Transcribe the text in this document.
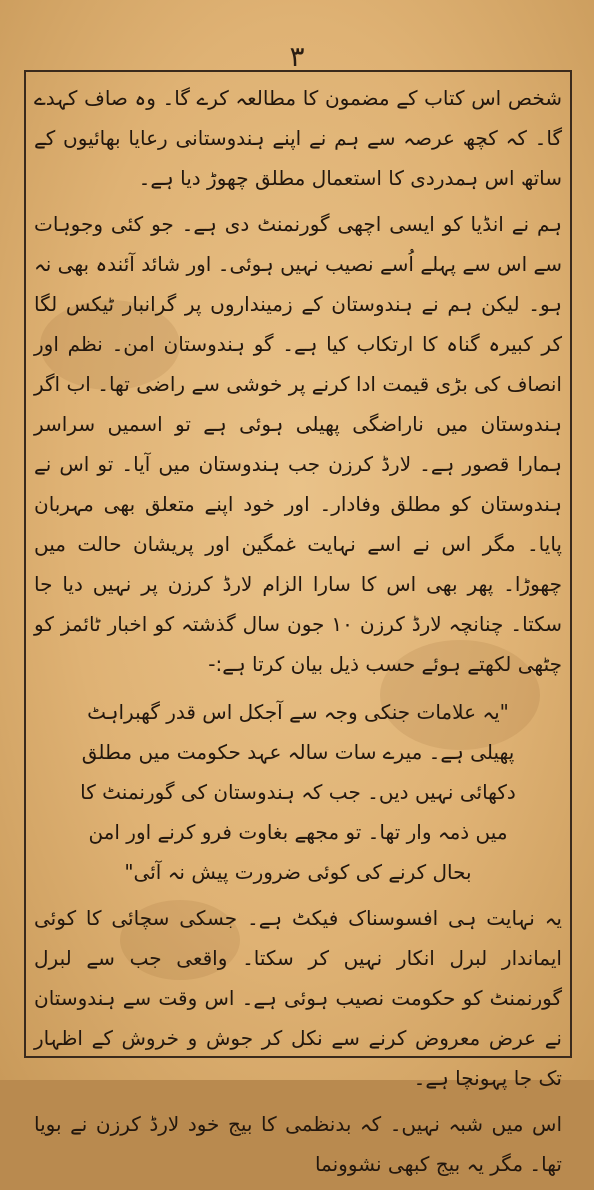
۳

شخص اس کتاب کے مضمون کا مطالعہ کرے گا۔ وہ صاف کہدے گا۔ کہ کچھ عرصہ سے ہم نے اپنے ہندوستانی رعایا بھائیوں کے ساتھ اس ہمدردی کا استعمال مطلق چھوڑ دیا ہے۔

ہم نے انڈیا کو ایسی اچھی گورنمنٹ دی ہے۔ جو کئی وجوہات سے اس سے پہلے اُسے نصیب نہیں ہوئی۔ اور شائد آئندہ بھی نہ ہو۔ لیکن ہم نے ہندوستان کے زمینداروں پر گرانبار ٹیکس لگا کر کبیرہ گناہ کا ارتکاب کیا ہے۔ گو ہندوستان امن۔ نظم اور انصاف کی بڑی قیمت ادا کرنے پر خوشی سے راضی تھا۔ اب اگر ہندوستان میں ناراضگی پھیلی ہوئی ہے تو اسمیں سراسر ہمارا قصور ہے۔ لارڈ کرزن جب ہندوستان میں آیا۔ تو اس نے ہندوستان کو مطلق وفادار۔ اور خود اپنے متعلق بھی مہربان پایا۔ مگر اس نے اسے نہایت غمگین اور پریشان حالت میں چھوڑا۔ پھر بھی اس کا سارا الزام لارڈ کرزن پر نہیں دیا جا سکتا۔ چنانچہ لارڈ کرزن ۱۰ جون سال گذشتہ کو اخبار ٹائمز کو چٹھی لکھتے ہوئے حسب ذیل بیان کرتا ہے:-

"یہ علامات جنکی وجہ سے آجکل اس قدر گھبراہٹ پھیلی ہے۔ میرے سات سالہ عہد حکومت میں مطلق دکھائی نہیں دیں۔ جب کہ ہندوستان کی گورنمنٹ کا میں ذمہ وار تھا۔ تو مجھے بغاوت فرو کرنے اور امن بحال کرنے کی کوئی ضرورت پیش نہ آئی"

یہ نہایت ہی افسوسناک فیکٹ ہے۔ جسکی سچائی کا کوئی ایماندار لبرل انکار نہیں کر سکتا۔ واقعی جب سے لبرل گورنمنٹ کو حکومت نصیب ہوئی ہے۔ اس وقت سے ہندوستان نے عرض معروض کرنے سے نکل کر جوش و خروش کے اظہار تک جا پہونچا ہے۔

اس میں شبہ نہیں۔ کہ بدنظمی کا بیج خود لارڈ کرزن نے بویا تھا۔ مگر یہ بیج کبھی نشوونما
